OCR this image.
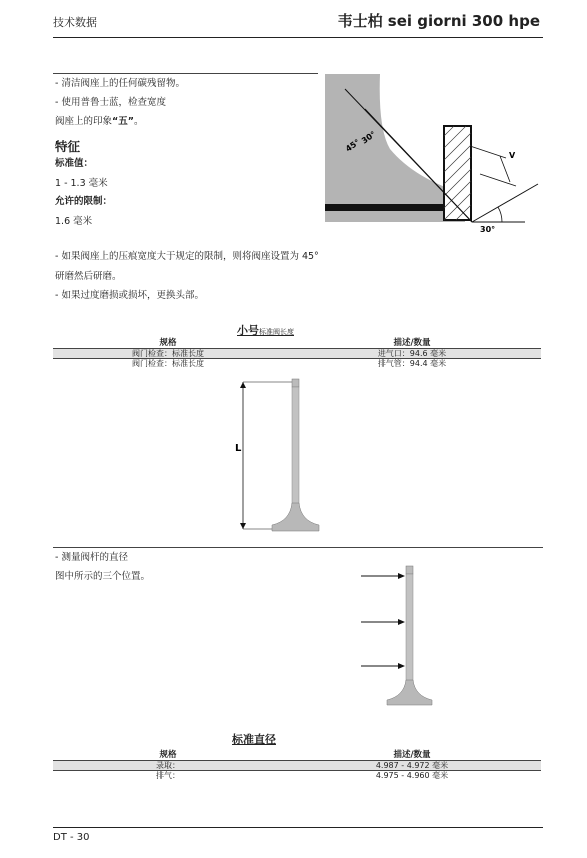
技术数据	韦士柏 sei giorni 300 hpe
- 清洁阀座上的任何碳残留物。
- 使用普鲁士蓝，检查宽度
阀座上的印象“五”。
特征
标准值：
1 - 1.3 毫米
允许的限制：
1.6 毫米
45°
30°
30°
V
- 如果阀座上的压痕宽度大于规定的限制，则将阀座设置为 45°
研磨然后研磨。
- 如果过度磨损或损坏，更换头部。
小号标准阀长度
规格	描述/数量
阀门检查：标准长度	进气口：94.6 毫米
阀门检查：标准长度	排气管：94.4 毫米
L
- 测量阀杆的直径
图中所示的三个位置。
标准直径
规格	描述/数量
录取：	4.987 - 4.972 毫米
排气：	4.975 - 4.960 毫米
DT - 30
